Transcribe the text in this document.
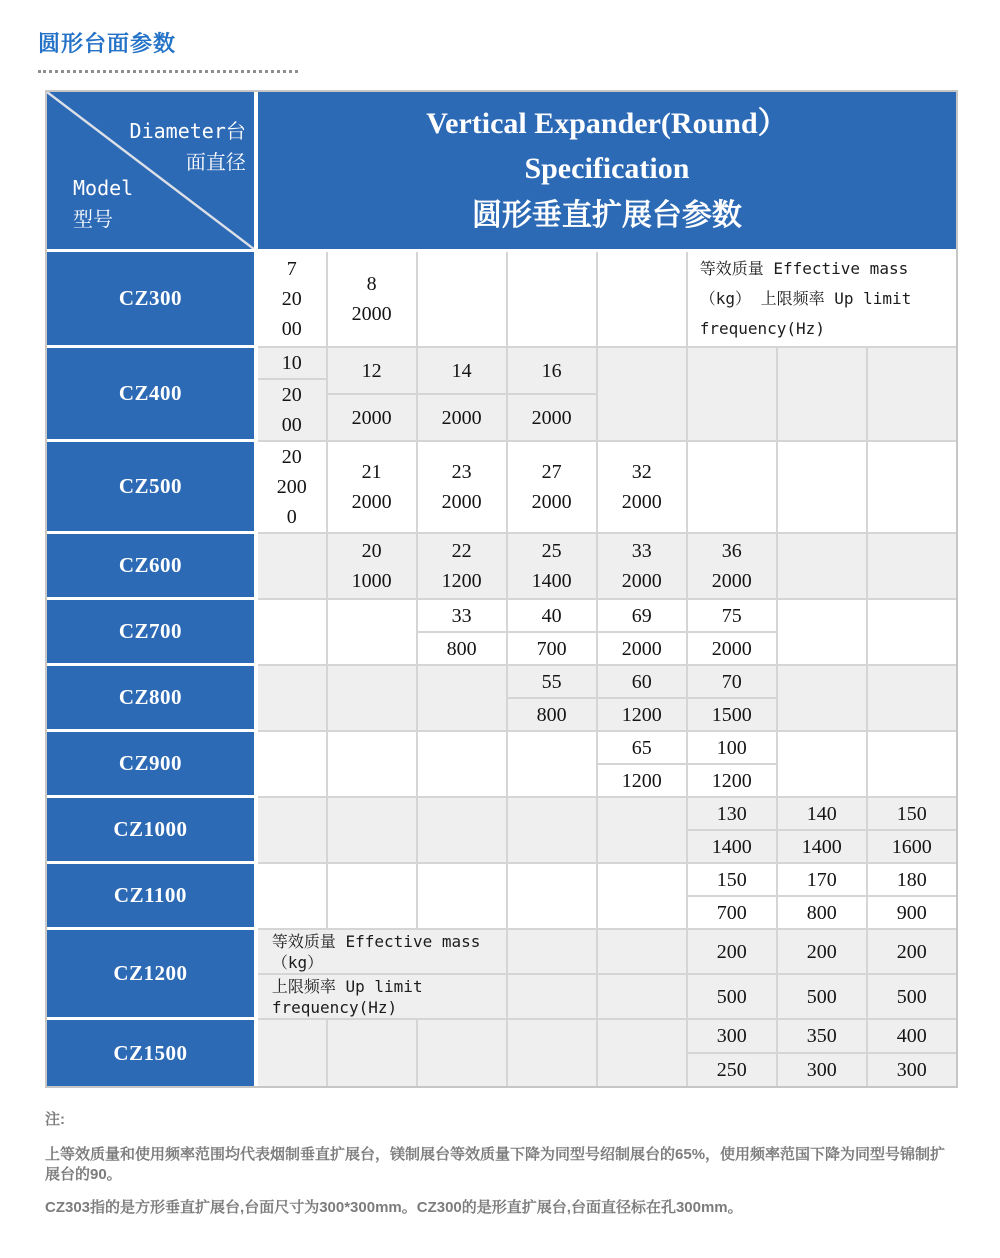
圆形台面参数
Diameter台面直径
Model型号
Vertical Expander(Round）
Specification
圆形垂直扩展台参数
CZ300
7
2000
8
2000
等效质量 Effective mass（kg） 上限频率 Up limit frequency(Hz)
CZ400
10
2000
12
2000
14
2000
16
2000
CZ500
20
2000
21
2000
23
2000
27
2000
32
2000
CZ600
20
1000
22
1200
25
1400
33
2000
36
2000
CZ700
33
800
40
700
69
2000
75
2000
CZ800
55
800
60
1200
70
1500
CZ900
65
1200
100
1200
CZ1000
130
1400
140
1400
150
1600
CZ1100
150
700
170
800
180
900
CZ1200
等效质量 Effective mass（kg）
上限频率 Up limit frequency(Hz)
200
500
200
500
200
500
CZ1500
300
250
350
300
400
300
注:
上等效质量和使用频率范围均代表烟制垂直扩展台，镁制展台等效质量下降为同型号绍制展台的65%，使用频率范国下降为同型号锦制扩展台的90。
CZ303指的是方形垂直扩展台,台面尺寸为300*300mm。CZ300的是形直扩展台,台面直径标在孔300mm。
